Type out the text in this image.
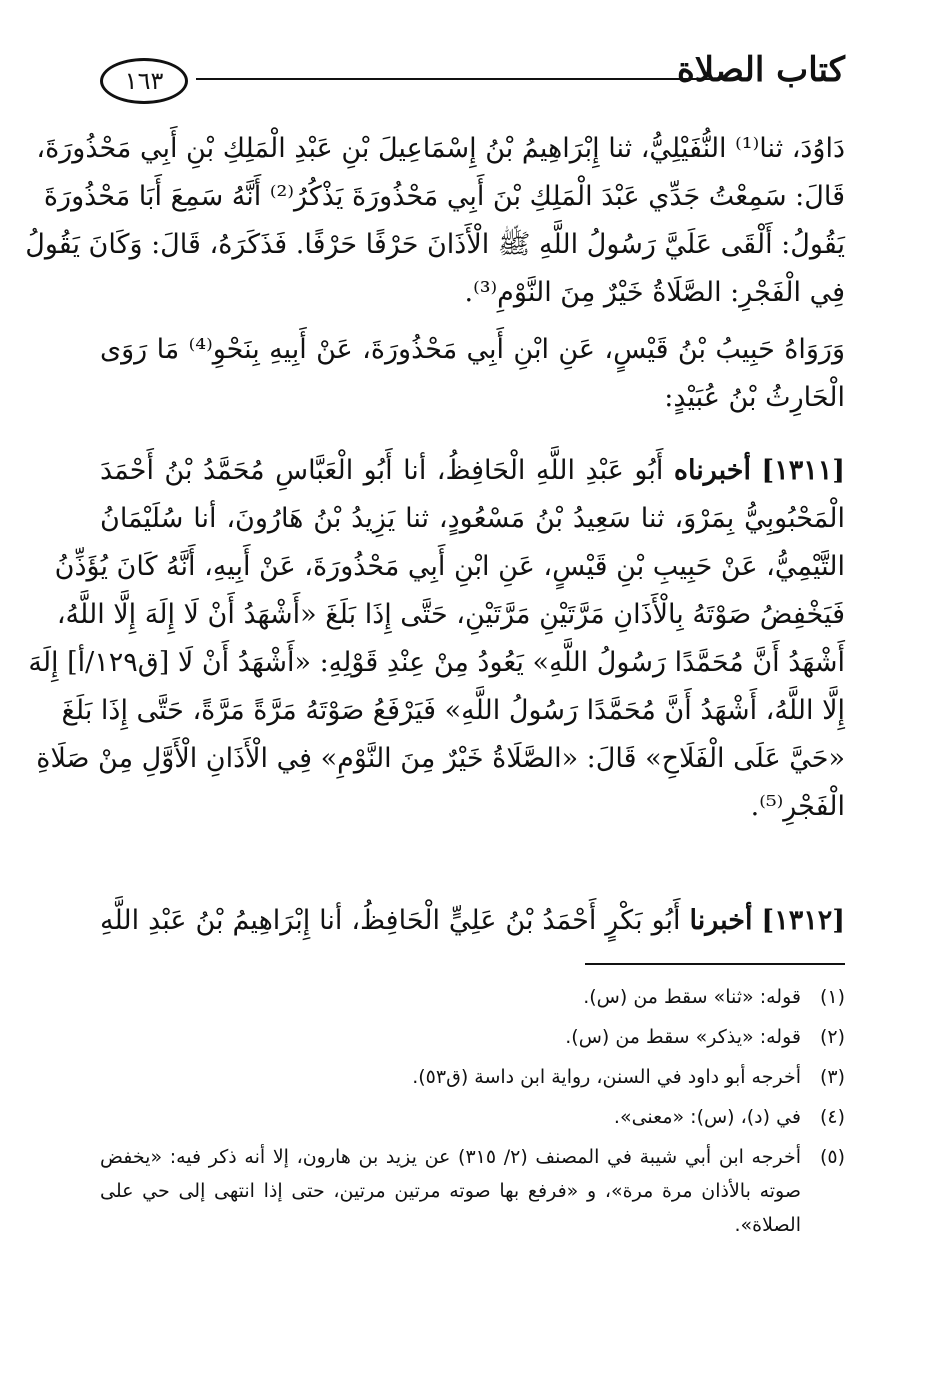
١٦٣	كتاب الصلاة
دَاوُدَ، ثنا⁽¹⁾ النُّفَيْلِيُّ، ثنا إِبْرَاهِيمُ بْنُ إِسْمَاعِيلَ بْنِ عَبْدِ الْمَلِكِ بْنِ أَبِي مَحْذُورَةَ،
قَالَ: سَمِعْتُ جَدِّي عَبْدَ الْمَلِكِ بْنَ أَبِي مَحْذُورَةَ يَذْكُرُ⁽²⁾ أَنَّهُ سَمِعَ أَبَا مَحْذُورَةَ
يَقُولُ: أَلْقَى عَلَيَّ رَسُولُ اللَّهِ ﷺ الْأَذَانَ حَرْفًا حَرْفًا. فَذَكَرَهُ، قَالَ: وَكَانَ يَقُولُ
فِي الْفَجْرِ: الصَّلَاةُ خَيْرٌ مِنَ النَّوْمِ⁽³⁾.
وَرَوَاهُ حَبِيبُ بْنُ قَيْسٍ، عَنِ ابْنِ أَبِي مَحْذُورَةَ، عَنْ أَبِيهِ بِنَحْوِ⁽⁴⁾ مَا رَوَى
الْحَارِثُ بْنُ عُبَيْدٍ:
[١٣١١] أخبرناه أَبُو عَبْدِ اللَّهِ الْحَافِظُ، أنا أَبُو الْعَبَّاسِ مُحَمَّدُ بْنُ أَحْمَدَ
الْمَحْبُوبِيُّ بِمَرْوَ، ثنا سَعِيدُ بْنُ مَسْعُودٍ، ثنا يَزِيدُ بْنُ هَارُونَ، أنا سُلَيْمَانُ
التَّيْمِيُّ، عَنْ حَبِيبِ بْنِ قَيْسٍ، عَنِ ابْنِ أَبِي مَحْذُورَةَ، عَنْ أَبِيهِ، أَنَّهُ كَانَ يُؤَذِّنُ
فَيَخْفِضُ صَوْتَهُ بِالْأَذَانِ مَرَّتَيْنِ مَرَّتَيْنِ، حَتَّى إِذَا بَلَغَ «أَشْهَدُ أَنْ لَا إِلَهَ إِلَّا اللَّهُ،
أَشْهَدُ أَنَّ مُحَمَّدًا رَسُولُ اللَّهِ» يَعُودُ مِنْ عِنْدِ قَوْلِهِ: «أَشْهَدُ أَنْ لَا [ق١٢٩/أ] إِلَهَ
إِلَّا اللَّهُ، أَشْهَدُ أَنَّ مُحَمَّدًا رَسُولُ اللَّهِ» فَيَرْفَعُ صَوْتَهُ مَرَّةً مَرَّةً، حَتَّى إِذَا بَلَغَ
«حَيَّ عَلَى الْفَلَاحِ» قَالَ: «الصَّلَاةُ خَيْرٌ مِنَ النَّوْمِ» فِي الْأَذَانِ الْأَوَّلِ مِنْ صَلَاةِ
الْفَجْرِ⁽⁵⁾.
[١٣١٢] أخبرنا أَبُو بَكْرٍ أَحْمَدُ بْنُ عَلِيٍّ الْحَافِظُ، أنا إِبْرَاهِيمُ بْنُ عَبْدِ اللَّهِ
(١)
قوله: «ثنا» سقط من (س).
(٢)
قوله: «يذكر» سقط من (س).
(٣)
أخرجه أبو داود في السنن، رواية ابن داسة (ق٥٣).
(٤)
في (د)، (س): «معنى».
(٥)
أخرجه ابن أبي شيبة في المصنف (٢/ ٣١٥) عن يزيد بن هارون، إلا أنه ذكر فيه: «يخفض صوته بالأذان مرة مرة»، و «فرفع بها صوته مرتين مرتين، حتى إذا انتهى إلى حي على الصلاة».
